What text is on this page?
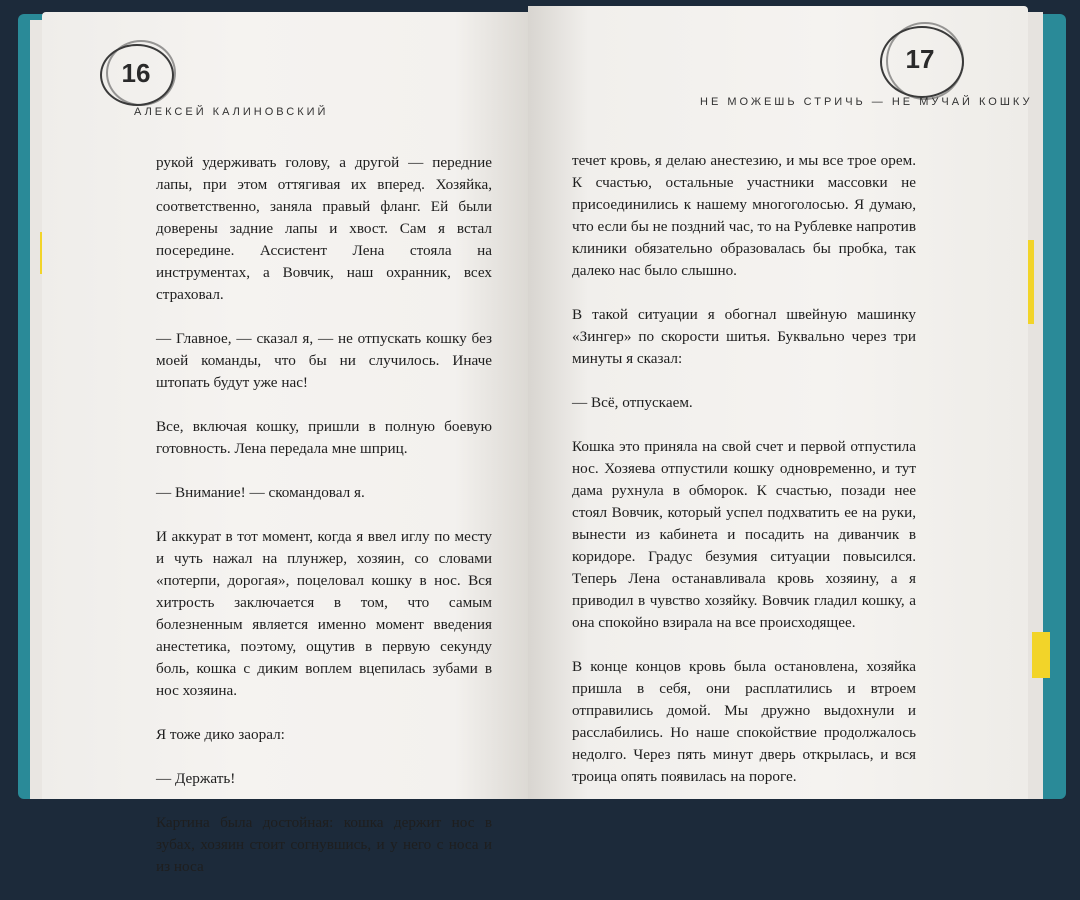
16
АЛЕКСЕЙ КАЛИНОВСКИЙ

рукой удерживать голову, а другой — передние лапы, при этом оттягивая их вперед. Хозяйка, соответственно, заняла правый фланг. Ей были доверены задние лапы и хвост. Сам я встал посередине. Ассистент Лена стояла на инструментах, а Вовчик, наш охранник, всех страховал.

— Главное, — сказал я, — не отпускать кошку без моей команды, что бы ни случилось. Иначе штопать будут уже нас!

Все, включая кошку, пришли в полную боевую готовность. Лена передала мне шприц.

— Внимание! — скомандовал я.

И аккурат в тот момент, когда я ввел иглу по месту и чуть нажал на плунжер, хозяин, со словами «потерпи, дорогая», поцеловал кошку в нос. Вся хитрость заключается в том, что самым болезненным является именно момент введения анестетика, поэтому, ощутив в первую секунду боль, кошка с диким воплем вцепилась зубами в нос хозяина.

Я тоже дико заорал:

— Держать!

Картина была достойная: кошка держит нос в зубах, хозяин стоит согнувшись, и у него с носа и из носа

17
НЕ МОЖЕШЬ СТРИЧЬ — НЕ МУЧАЙ КОШКУ

течет кровь, я делаю анестезию, и мы все трое орем. К счастью, остальные участники массовки не присоединились к нашему многоголосью. Я думаю, что если бы не поздний час, то на Рублевке напротив клиники обязательно образовалась бы пробка, так далеко нас было слышно.

В такой ситуации я обогнал швейную машинку «Зингер» по скорости шитья. Буквально через три минуты я сказал:

— Всё, отпускаем.

Кошка это приняла на свой счет и первой отпустила нос. Хозяева отпустили кошку одновременно, и тут дама рухнула в обморок. К счастью, позади нее стоял Вовчик, который успел подхватить ее на руки, вынести из кабинета и посадить на диванчик в коридоре. Градус безумия ситуации повысился. Теперь Лена останавливала кровь хозяину, а я приводил в чувство хозяйку. Вовчик гладил кошку, а она спокойно взирала на все происходящее.

В конце концов кровь была остановлена, хозяйка пришла в себя, они расплатились и втроем отправились домой. Мы дружно выдохнули и расслабились. Но наше спокойствие продолжалось недолго. Через пять минут дверь открылась, и вся троица опять появилась на пороге.
